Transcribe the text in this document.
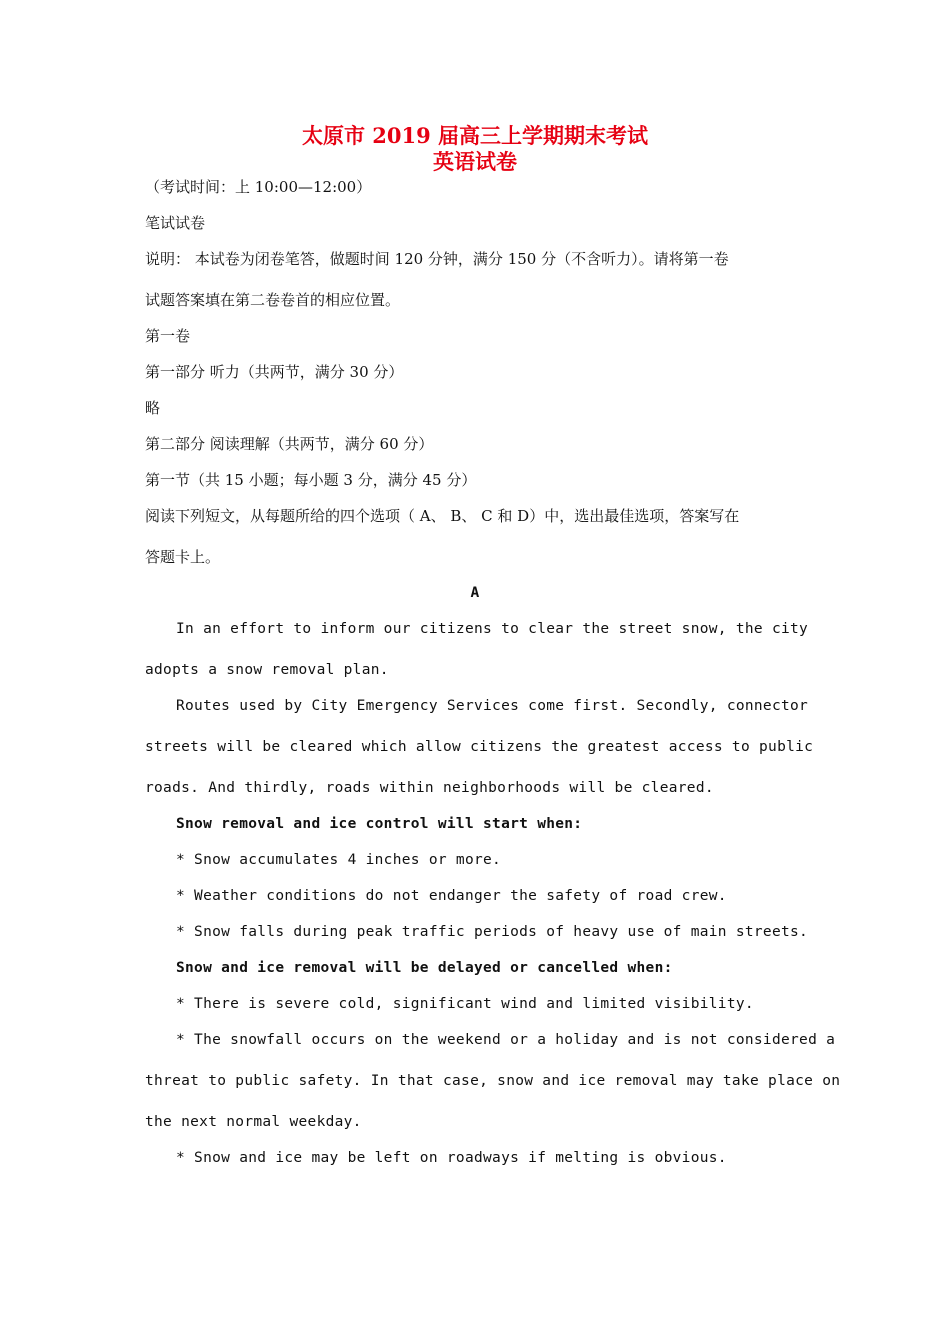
太原市 2019 届高三上学期期末考试
英语试卷
（考试时间：上 10:00—12:00）
笔试试卷
说明： 本试卷为闭卷笔答，做题时间 120 分钟，满分 150 分（不含听力）。请将第一卷
试题答案填在第二卷卷首的相应位置。
第一卷
第一部分 听力（共两节，满分 30 分）
略
第二部分 阅读理解（共两节，满分 60 分）
第一节（共 15 小题；每小题 3 分，满分 45 分）
阅读下列短文，从每题所给的四个选项（ A、 B、 C 和 D）中，选出最佳选项，答案写在
答题卡上。
A
In an effort to inform our citizens to clear the street snow, the city
adopts a snow removal plan.
Routes used by City Emergency Services come first. Secondly, connector
streets will be cleared which allow citizens the greatest access to public
roads. And thirdly, roads within neighborhoods will be cleared.
Snow removal and ice control will start when:
* Snow accumulates 4 inches or more.
* Weather conditions do not endanger the safety of road crew.
* Snow falls during peak traffic periods of heavy use of main streets.
Snow and ice removal will be delayed or cancelled when:
* There is severe cold, significant wind and limited visibility.
* The snowfall occurs on the weekend or a holiday and is not considered a
threat to public safety. In that case, snow and ice removal may take place on
the next normal weekday.
* Snow and ice may be left on roadways if melting is obvious.
